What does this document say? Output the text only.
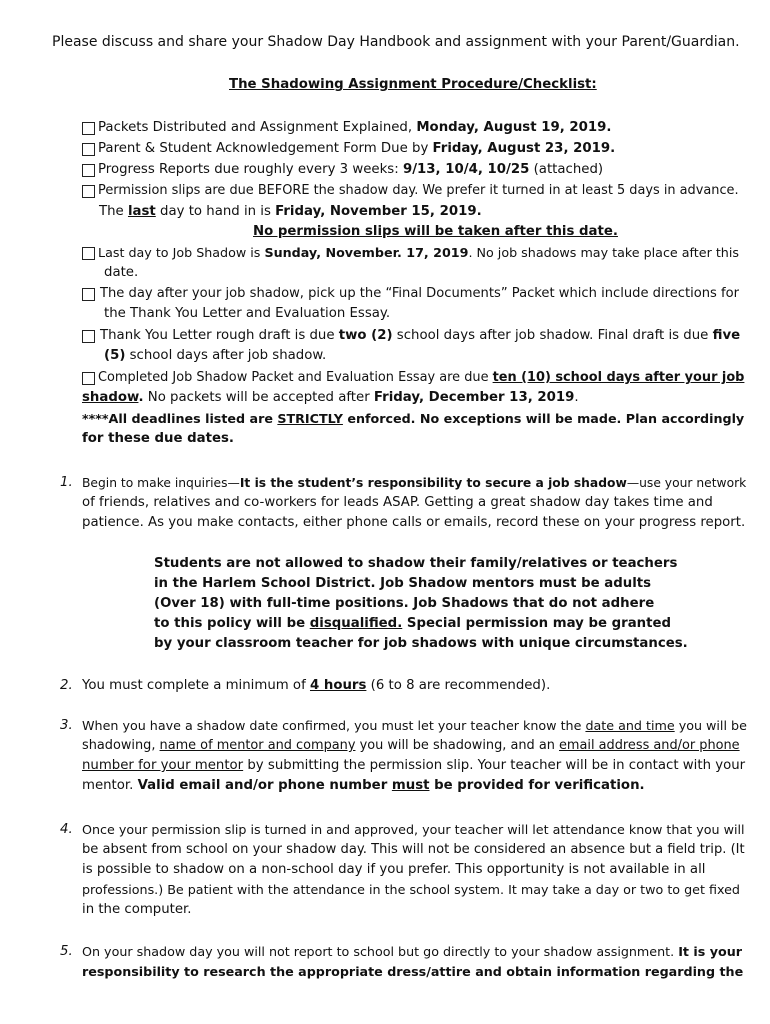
Please discuss and share your Shadow Day Handbook and assignment with your Parent/Guardian.
The Shadowing Assignment Procedure/Checklist:
Packets Distributed and Assignment Explained, Monday, August 19, 2019.
Parent & Student Acknowledgement Form Due by Friday, August 23, 2019.
Progress Reports due roughly every 3 weeks: 9/13, 10/4, 10/25 (attached)
Permission slips are due BEFORE the shadow day. We prefer it turned in at least 5 days in advance.
The last day to hand in is Friday, November 15, 2019.
No permission slips will be taken after this date.
Last day to Job Shadow is Sunday, November. 17, 2019. No job shadows may take place after this
date.
The day after your job shadow, pick up the “Final Documents” Packet which include directions for
the Thank You Letter and Evaluation Essay.
Thank You Letter rough draft is due two (2) school days after job shadow. Final draft is due five
(5) school days after job shadow.
Completed Job Shadow Packet and Evaluation Essay are due ten (10) school days after your job
shadow. No packets will be accepted after Friday, December 13, 2019.
****All deadlines listed are STRICTLY enforced. No exceptions will be made. Plan accordingly
for these due dates.
1. Begin to make inquiries—It is the student’s responsibility to secure a job shadow—use your network
of friends, relatives and co-workers for leads ASAP. Getting a great shadow day takes time and
patience. As you make contacts, either phone calls or emails, record these on your progress report.
Students are not allowed to shadow their family/relatives or teachers
in the Harlem School District. Job Shadow mentors must be adults
(Over 18) with full-time positions. Job Shadows that do not adhere
to this policy will be disqualified. Special permission may be granted
by your classroom teacher for job shadows with unique circumstances.
2. You must complete a minimum of 4 hours (6 to 8 are recommended).
3. When you have a shadow date confirmed, you must let your teacher know the date and time you will be
shadowing, name of mentor and company you will be shadowing, and an email address and/or phone
number for your mentor by submitting the permission slip. Your teacher will be in contact with your
mentor. Valid email and/or phone number must be provided for verification.
4. Once your permission slip is turned in and approved, your teacher will let attendance know that you will
be absent from school on your shadow day. This will not be considered an absence but a field trip. (It
is possible to shadow on a non-school day if you prefer. This opportunity is not available in all
professions.) Be patient with the attendance in the school system. It may take a day or two to get fixed
in the computer.
5. On your shadow day you will not report to school but go directly to your shadow assignment. It is your
responsibility to research the appropriate dress/attire and obtain information regarding the
